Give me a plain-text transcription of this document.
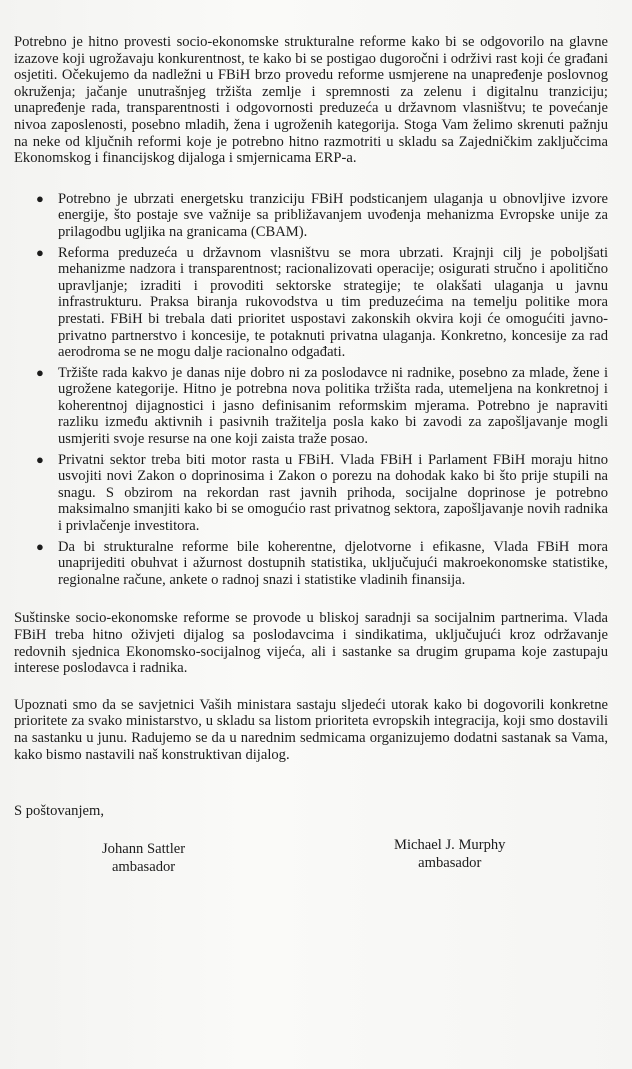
Potrebno je hitno provesti socio-ekonomske strukturalne reforme kako bi se odgovorilo na glavne izazove koji ugrožavaju konkurentnost, te kako bi se postigao dugoročni i održivi rast koji će građani osjetiti. Očekujemo da nadležni u FBiH brzo provedu reforme usmjerene na unapređenje poslovnog okruženja; jačanje unutrašnjeg tržišta zemlje i spremnosti za zelenu i digitalnu tranziciju; unapređenje rada, transparentnosti i odgovornosti preduzeća u državnom vlasništvu; te povećanje nivoa zaposlenosti, posebno mladih, žena i ugroženih kategorija. Stoga Vam želimo skrenuti pažnju na neke od ključnih reformi koje je potrebno hitno razmotriti u skladu sa Zajedničkim zaključcima Ekonomskog i financijskog dijaloga i smjernicama ERP-a.

● Potrebno je ubrzati energetsku tranziciju FBiH podsticanjem ulaganja u obnovljive izvore energije, što postaje sve važnije sa približavanjem uvođenja mehanizma Evropske unije za prilagodbu ugljika na granicama (CBAM).
● Reforma preduzeća u državnom vlasništvu se mora ubrzati. Krajnji cilj je poboljšati mehanizme nadzora i transparentnost; racionalizovati operacije; osigurati stručno i apolitično upravljanje; izraditi i provoditi sektorske strategije; te olakšati ulaganja u javnu infrastrukturu. Praksa biranja rukovodstva u tim preduzećima na temelju politike mora prestati. FBiH bi trebala dati prioritet uspostavi zakonskih okvira koji će omogućiti javno-privatno partnerstvo i koncesije, te potaknuti privatna ulaganja. Konkretno, koncesije za rad aerodroma se ne mogu dalje racionalno odgađati.
● Tržište rada kakvo je danas nije dobro ni za poslodavce ni radnike, posebno za mlade, žene i ugrožene kategorije. Hitno je potrebna nova politika tržišta rada, utemeljena na konkretnoj i koherentnoj dijagnostici i jasno definisanim reformskim mjerama. Potrebno je napraviti razliku između aktivnih i pasivnih tražitelja posla kako bi zavodi za zapošljavanje mogli usmjeriti svoje resurse na one koji zaista traže posao.
● Privatni sektor treba biti motor rasta u FBiH. Vlada FBiH i Parlament FBiH moraju hitno usvojiti novi Zakon o doprinosima i Zakon o porezu na dohodak kako bi što prije stupili na snagu. S obzirom na rekordan rast javnih prihoda, socijalne doprinose je potrebno maksimalno smanjiti kako bi se omogućio rast privatnog sektora, zapošljavanje novih radnika i privlačenje investitora.
● Da bi strukturalne reforme bile koherentne, djelotvorne i efikasne, Vlada FBiH mora unaprijediti obuhvat i ažurnost dostupnih statistika, uključujući makroekonomske statistike, regionalne račune, ankete o radnoj snazi i statistike vladinih finansija.

Suštinske socio-ekonomske reforme se provode u bliskoj saradnji sa socijalnim partnerima. Vlada FBiH treba hitno oživjeti dijalog sa poslodavcima i sindikatima, uključujući kroz održavanje redovnih sjednica Ekonomsko-socijalnog vijeća, ali i sastanke sa drugim grupama koje zastupaju interese poslodavca i radnika.

Upoznati smo da se savjetnici Vaših ministara sastaju sljedeći utorak kako bi dogovorili konkretne prioritete za svako ministarstvo, u skladu sa listom prioriteta evropskih integracija, koji smo dostavili na sastanku u junu. Radujemo se da u narednim sedmicama organizujemo dodatni sastanak sa Vama, kako bismo nastavili naš konstruktivan dijalog.

S poštovanjem,

Johann Sattler
ambasador
Michael J. Murphy
ambasador
